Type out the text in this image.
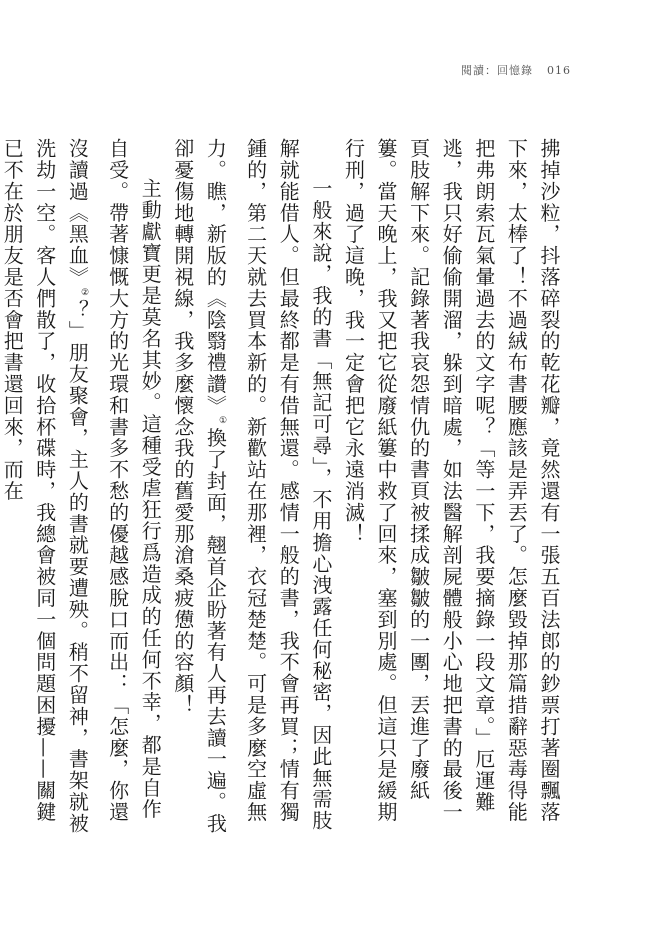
閱讀：回憶錄 016

拂掉沙粒，抖落碎裂的乾花瓣，竟然還有一張五百法郎的鈔票打著圈飄落下來，太棒了！不過絨布書腰應該是弄丟了。怎麼毀掉那篇措辭惡毒得能把弗朗索瓦氣暈過去的文字呢？「等一下，我要摘錄一段文章。」厄運難逃，我只好偷偷開溜，躲到暗處，如法醫解剖屍體般小心地把書的最後一頁肢解下來。記錄著我哀怨情仇的書頁被揉成皺皺的一團，丟進了廢紙簍。當天晚上，我又把它從廢紙簍中救了回來，塞到別處。但這只是緩期行刑，過了這晚，我一定會把它永遠消滅！

一般來說，我的書「無記可尋」，不用擔心洩露任何秘密，因此無需肢解就能借人。但最終都是有借無還。感情一般的書，我不會再買；情有獨鍾的，第二天就去買本新的。新歡站在那裡，衣冠楚楚。可是多麼空虛無力。瞧，新版的《陰翳禮讚》①換了封面，翹首企盼著有人再去讀一遍。我卻憂傷地轉開視線，我多麼懷念我的舊愛那滄桑疲憊的容顏！

主動獻寶更是莫名其妙。這種受虐狂行爲造成的任何不幸，都是自作自受。帶著慷慨大方的光環和書多不愁的優越感脫口而出：「怎麼，你還沒讀過《黑血》②？」朋友聚會，主人的書就要遭殃。稍不留神，書架就被洗劫一空。客人們散了，收拾杯碟時，我總會被同一個問題困擾——關鍵已不在於朋友是否會把書還回來，而在
